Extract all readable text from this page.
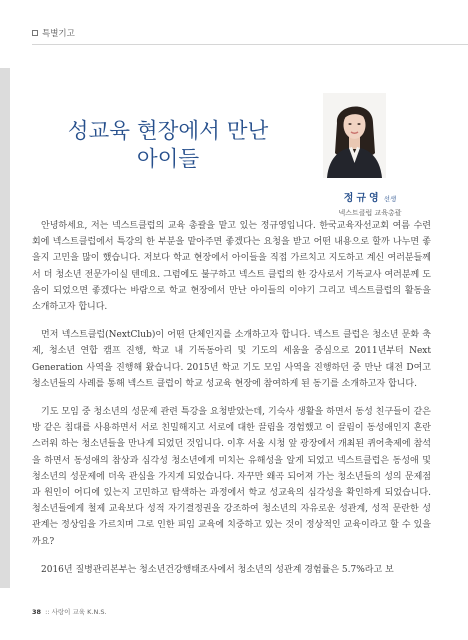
특별기고
성교육 현장에서 만난
아이들
정규영 선생
넥스트클럽 교육총괄

안녕하세요, 저는 넥스트클럽의 교육 총괄을 맡고 있는 정규영입니다. 한국교육자선교회 여름 수련회에 넥스트클럽에서 특강의 한 부분을 맡아주면 좋겠다는 요청을 받고 어떤 내용으로 할까 나누면 좋을지 고민을 많이 했습니다. 저보다 학교 현장에서 아이들을 직접 가르치고 지도하고 계신 여러분들께서 더 청소년 전문가이실 텐데요. 그럼에도 불구하고 넥스트 클럽의 한 강사로서 기독교사 여러분께 도움이 되었으면 좋겠다는 바람으로 학교 현장에서 만난 아이들의 이야기 그리고 넥스트클럽의 활동을 소개하고자 합니다.

먼저 넥스트클럽(NextClub)이 어떤 단체인지를 소개하고자 합니다. 넥스트 클럽은 청소년 문화 축제, 청소년 연합 캠프 진행, 학교 내 기독동아리 및 기도의 세움을 중심으로 2011년부터 Next Generation 사역을 진행해 왔습니다. 2015년 학교 기도 모임 사역을 진행하던 중 만난 대전 D여고 청소년들의 사례를 통해 넥스트 클럽이 학교 성교육 현장에 참여하게 된 동기를 소개하고자 합니다.

기도 모임 중 청소년의 성문제 관련 특강을 요청받았는데, 기숙사 생활을 하면서 동성 친구들이 같은 방 같은 침대를 사용하면서 서로 친밀해지고 서로에 대한 끌림을 경험했고 이 끌림이 동성애인지 혼란스러워 하는 청소년들을 만나게 되었던 것입니다. 이후 서울 시청 앞 광장에서 개최된 퀴어축제에 참석을 하면서 동성애의 참상과 심각성 청소년에게 미치는 유해성을 알게 되었고 넥스트클럽은 동성애 및 청소년의 성문제에 더욱 관심을 가지게 되었습니다. 자꾸만 왜곡 되어져 가는 청소년들의 성의 문제점과 원인이 어디에 있는지 고민하고 탐색하는 과정에서 학교 성교육의 심각성을 확인하게 되었습니다. 청소년들에게 철제 교육보다 성적 자기결정권을 강조하여 청소년의 자유로운 성관계, 성적 문란한 성관계는 정상임을 가르치며 그로 인한 피임 교육에 치중하고 있는 것이 정상적인 교육이라고 할 수 있을까요?

2016년 질병관리본부는 청소년건강행태조사에서 청소년의 성관계 경험률은 5.7%라고 보

38 :: 사랑이 교육 K.N.S.
